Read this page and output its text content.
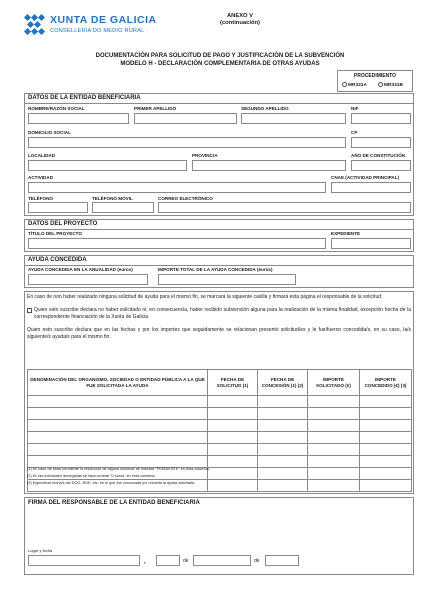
XUNTA DE GALICIA
CONSELLERÍA DO MEDIO RURAL
ANEXO V
(continuación)
DOCUMENTACIÓN PARA SOLICITUD DE PAGO Y JUSTIFICACIÓN DE LA SUBVENCIÓN
MODELO H - DECLARACIÓN COMPLEMENTARIA DE OTRAS AYUDAS
PROCEDIMIENTO
MR331A	MR331B
DATOS DE LA ENTIDAD BENEFICIARIA
NOMBRE/RAZÓN SOCIAL	PRIMER APELLIDO	SEGUNDO APELLIDO	NIF
DOMICILIO SOCIAL	CP
LOCALIDAD	PROVINCIA	AÑO DE CONSTITUCIÓN
ACTIVIDAD	CNAE (ACTIVIDAD PRINCIPAL)
TELÉFONO	TELÉFONO MÓVIL	CORREO ELECTRÓNICO
DATOS DEL PROYECTO
TÍTULO DEL PROYECTO	EXPEDIENTE
AYUDA CONCEDIDA
AYUDA CONCEDIDA EN LA ANUALIDAD (euros)	IMPORTE TOTAL DE LA AYUDA CONCEDIDA (euros)
En caso de non haber realizado ninguna solicitud de ayuda para el mismo fin, se marcará la siguiente casilla y firmará esta página el responsable de la solicitud.
Quien esto suscribe declara no haber solicitado ni, en consecuencia, haber recibido subvención alguna para la realización de la misma finalidad, excepción hecha de la correspondiente financiación de la Xunta de Galicia.
Quien esto suscribe declara que en las fechas y por los importes que seguidamente se relacionan presentó solicitud/es y le fue/fueron concedida/s, en su caso, la/s siguiente/s ayuda/s para el mismo fin:
DENOMINACIÓN DEL ORGANISMO, SOCIEDAD O ENTIDAD PÚBLICA A LA QUE FUE SOLICITADA LA AYUDA	FECHA DE SOLICITUD (1)	FECHA DE CONCESIÓN (1) (2)	IMPORTE SOLICITADO (€)	IMPORTE CONCEDIDO (€) (3)

(1) En caso de estar pendiente la resolución de alguna solicitud, se indicará "PENDIENTE" en esta columna.
(2) En las solicitudes denegadas se hará constar "0 euros" en esta columna.
(3) Especificar fecha/s del DOG, BOE, etc. en el que fue convocada y/o resuelta la ayuda solicitada.
FIRMA DEL RESPONSABLE DE LA ENTIDAD BENEFICIARIA
Lugar y fecha
,	de	de
